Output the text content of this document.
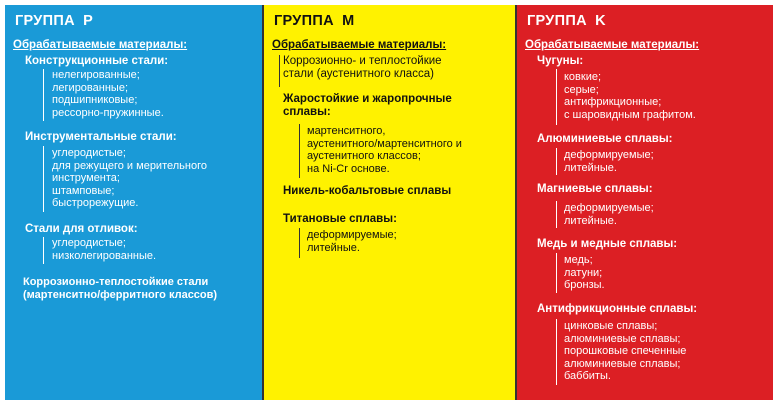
ГРУППА P
Обрабатываемые материалы:
Конструкционные стали:
нелегированные;
легированные;
подшипниковые;
рессорно-пружинные.
Инструментальные стали:
углеродистые;
для режущего и мерительного
инструмента;
штамповые;
быстрорежущие.
Стали для отливок:
углеродистые;
низколегированные.
Коррозионно-теплостойкие стали
(мартенситно/ферритного классов)
ГРУППА M
Обрабатываемые материалы:
Коррозионно- и теплостойкие
стали (аустенитного класса)
Жаростойкие и жаропрочные
сплавы:
мартенситного,
аустенитного/мартенситного и
аустенитного классов;
на Ni-Cr основе.
Никель-кобальтовые сплавы
Титановые сплавы:
деформируемые;
литейные.
ГРУППА K
Обрабатываемые материалы:
Чугуны:
ковкие;
серые;
антифрикционные;
с шаровидным графитом.
Алюминиевые сплавы:
деформируемые;
литейные.
Магниевые сплавы:
деформируемые;
литейные.
Медь и медные сплавы:
медь;
латуни;
бронзы.
Антифрикционные сплавы:
цинковые сплавы;
алюминиевые сплавы;
порошковые спеченные
алюминиевые сплавы;
баббиты.
